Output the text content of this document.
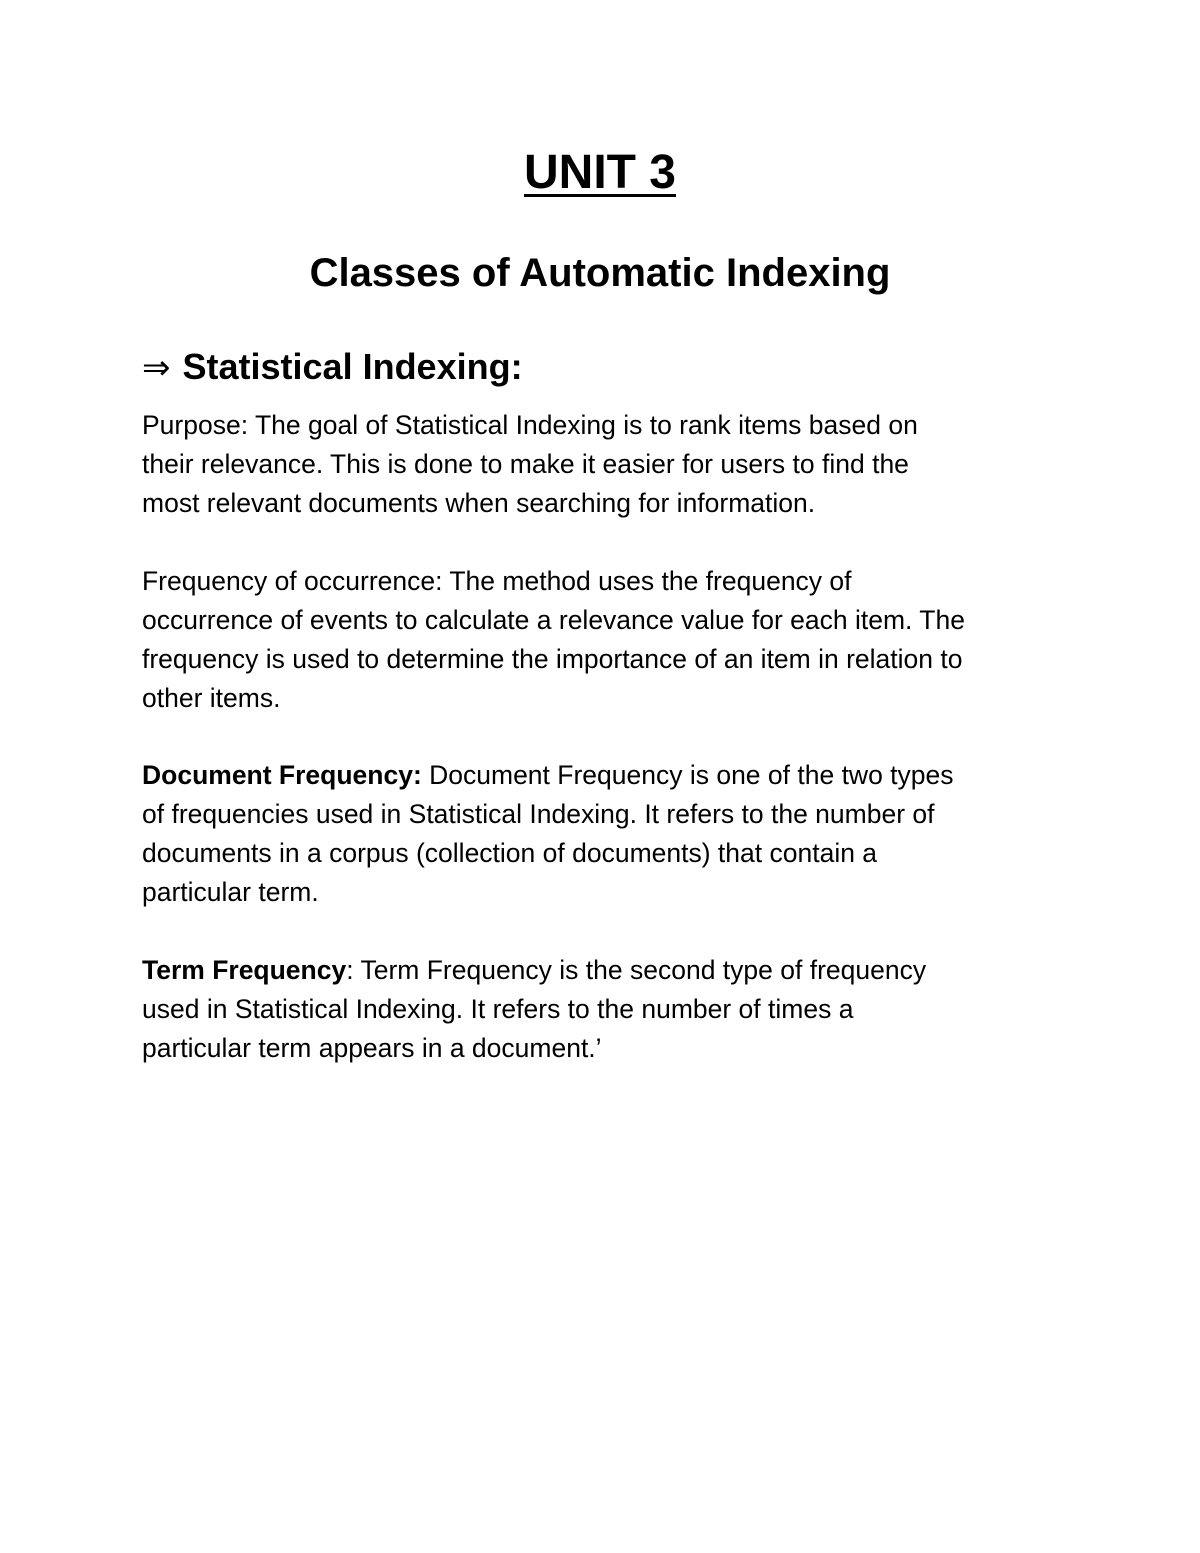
UNIT 3
Classes of Automatic Indexing
⇒ Statistical Indexing:

Purpose: The goal of Statistical Indexing is to rank items based on
their relevance. This is done to make it easier for users to find the
most relevant documents when searching for information.

Frequency of occurrence: The method uses the frequency of
occurrence of events to calculate a relevance value for each item. The
frequency is used to determine the importance of an item in relation to
other items.

Document Frequency: Document Frequency is one of the two types
of frequencies used in Statistical Indexing. It refers to the number of
documents in a corpus (collection of documents) that contain a
particular term.

Term Frequency: Term Frequency is the second type of frequency
used in Statistical Indexing. It refers to the number of times a
particular term appears in a document.’
